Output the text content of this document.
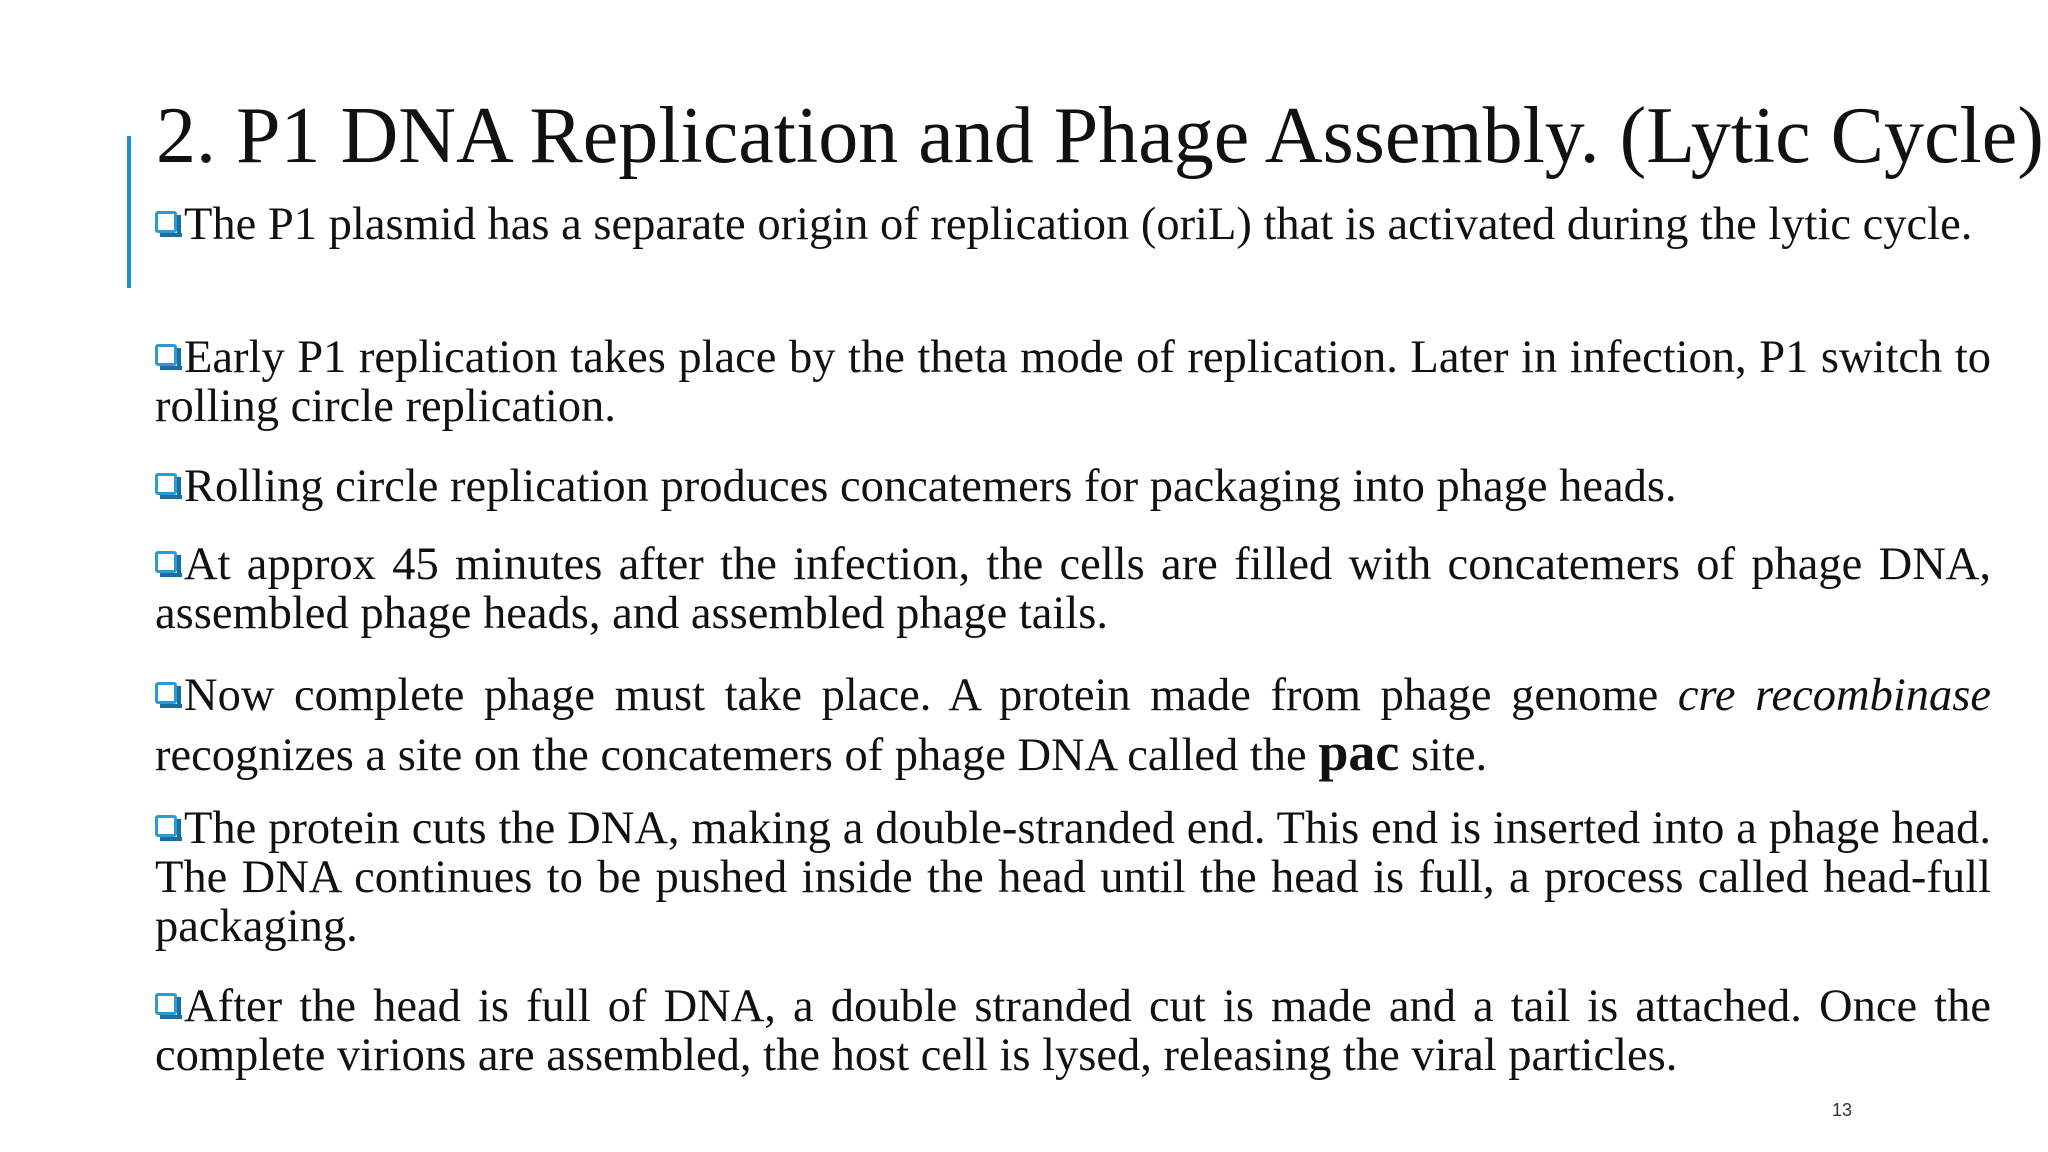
2. P1 DNA Replication and Phage Assembly. (Lytic Cycle)
The P1 plasmid has a separate origin of replication (oriL) that is activated during the lytic cycle.
Early P1 replication takes place by the theta mode of replication. Later in infection, P1 switch to rolling circle replication.
Rolling circle replication produces concatemers for packaging into phage heads.
At approx 45 minutes after the infection, the cells are filled with concatemers of phage DNA, assembled phage heads, and assembled phage tails.
Now complete phage must take place. A protein made from phage genome cre recombinase recognizes a site on the concatemers of phage DNA called the pac site.
The protein cuts the DNA, making a double-stranded end. This end is inserted into a phage head. The DNA continues to be pushed inside the head until the head is full, a process called head-full packaging.
After the head is full of DNA, a double stranded cut is made and a tail is attached. Once the complete virions are assembled, the host cell is lysed, releasing the viral particles.
13
